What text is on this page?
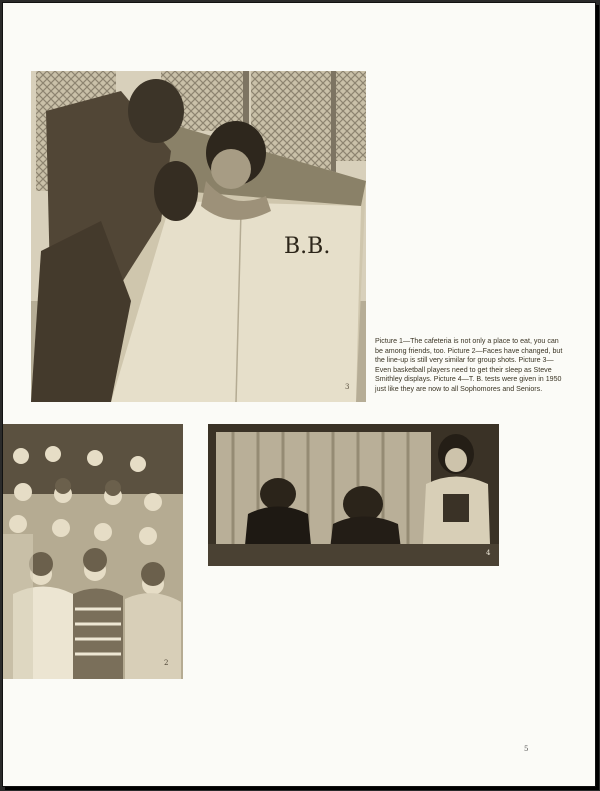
B.B.
3

Picture 1—The cafeteria is not only a place to eat, you can be among friends, too. Picture 2—Faces have changed, but the line-up is still very similar for group shots. Picture 3—Even basketball players need to get their sleep as Steve Smithley displays. Picture 4—T. B. tests were given in 1950 just like they are now to all Sophomores and Seniors.

2
4
5
